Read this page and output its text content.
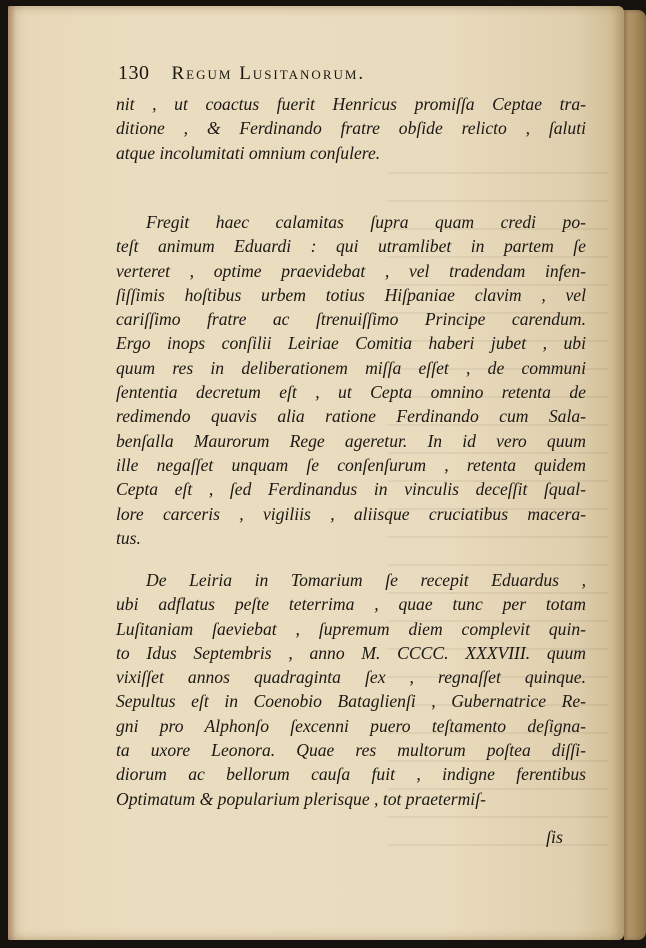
130 Regum Lusitanorum.
nit , ut coactus fuerit Henricus promiſſa Ceptae tra-
ditione , & Ferdinando fratre obſide relicto , ſaluti
atque incolumitati omnium conſulere.
Fregit haec calamitas ſupra quam credi po-
teſt animum Eduardi : qui utramlibet in partem ſe
verteret , optime praevidebat , vel tradendam infen-
ſiſſimis hoſtibus urbem totius Hiſpaniae clavim , vel
cariſſimo fratre ac ſtrenuiſſimo Principe carendum.
Ergo inops conſilii Leiriae Comitia haberi jubet , ubi
quum res in deliberationem miſſa eſſet , de communi
ſententia decretum eſt , ut Cepta omnino retenta de
redimendo quavis alia ratione Ferdinando cum Sala-
benſalla Maurorum Rege ageretur. In id vero quum
ille negaſſet unquam ſe conſenſurum , retenta quidem
Cepta eſt , ſed Ferdinandus in vinculis deceſſit ſqual-
lore carceris , vigiliis , aliisque cruciatibus macera-
tus.
De Leiria in Tomarium ſe recepit Eduardus ,
ubi adflatus peſte teterrima , quae tunc per totam
Luſitaniam ſaeviebat , ſupremum diem complevit quin-
to Idus Septembris , anno M. CCCC. XXXVIII. quum
vixiſſet annos quadraginta ſex , regnaſſet quinque.
Sepultus eſt in Coenobio Bataglienſi , Gubernatrice Re-
gni pro Alphonſo ſexcenni puero teſtamento deſigna-
ta uxore Leonora. Quae res multorum poſtea diſſi-
diorum ac bellorum cauſa fuit , indigne ferentibus
Optimatum & popularium plerisque , tot praetermiſ-
ſis
